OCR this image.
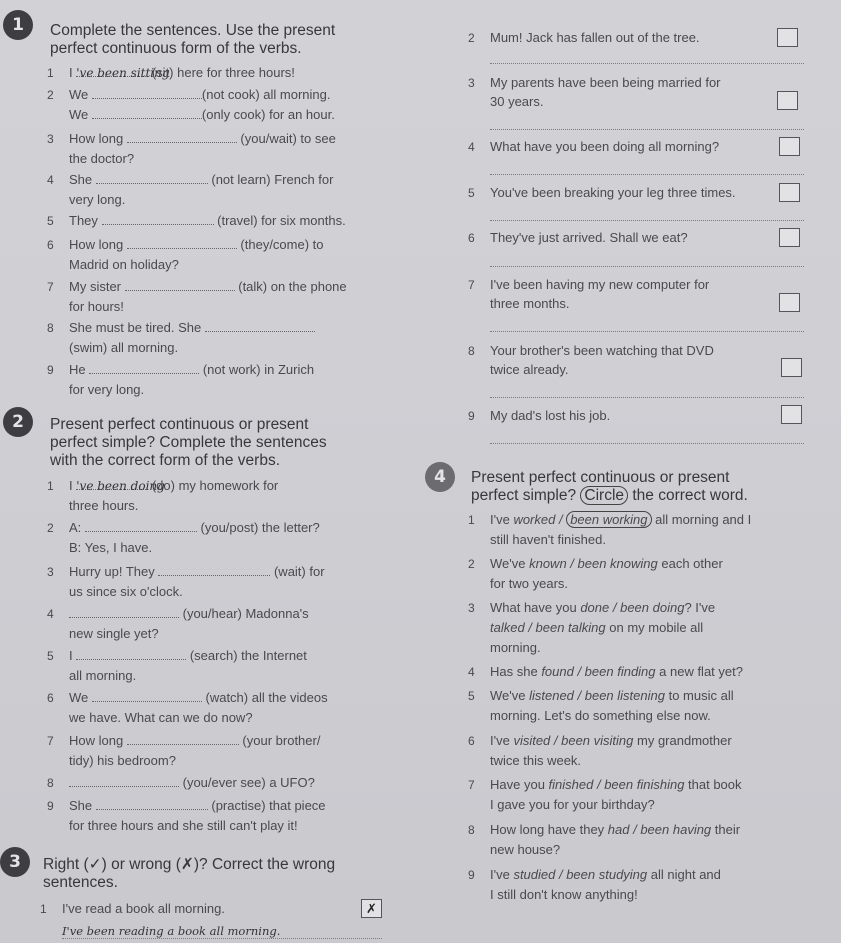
1	Complete the sentences. Use the present
perfect continuous form of the verbs.
1 I 've been sitting (sit) here for three hours!
2 We	(not cook) all morning.
We	(only cook) for an hour.
3 How long	(you/wait) to see
the doctor?
4 She	(not learn) French for
very long.
5 They	(travel) for six months.
6 How long	(they/come) to
Madrid on holiday?
7 My sister	(talk) on the phone
for hours!
8 She must be tired. She
(swim) all morning.
9 He	(not work) in Zurich
for very long.
2	Present perfect continuous or present
perfect simple? Complete the sentences
with the correct form of the verbs.
1 I 've been doing (do) my homework for
three hours.
2 A:	(you/post) the letter?
B: Yes, I have.
3 Hurry up! They	(wait) for
us since six o'clock.
4	(you/hear) Madonna's
new single yet?
5 I	(search) the Internet
all morning.
6 We	(watch) all the videos
we have. What can we do now?
7 How long	(your brother/
tidy) his bedroom?
8	(you/ever see) a UFO?
9 She	(practise) that piece
for three hours and she still can't play it!
3	Right (✓) or wrong (✗)? Correct the wrong
sentences.
1 I've read a book all morning.
I've been reading a book all morning.
✗
2 Mum! Jack has fallen out of the tree.
3 My parents have been being married for
30 years.
4 What have you been doing all morning?
5 You've been breaking your leg three times.
6 They've just arrived. Shall we eat?
7 I've been having my new computer for
three months.
8 Your brother's been watching that DVD
twice already.
9 My dad's lost his job.
4	Present perfect continuous or present
perfect simple? Circle the correct word.
1 I've worked / been working all morning and I
still haven't finished.
2 We've known / been knowing each other
for two years.
3 What have you done / been doing? I've
talked / been talking on my mobile all
morning.
4 Has she found / been finding a new flat yet?
5 We've listened / been listening to music all
morning. Let's do something else now.
6 I've visited / been visiting my grandmother
twice this week.
7 Have you finished / been finishing that book
I gave you for your birthday?
8 How long have they had / been having their
new house?
9 I've studied / been studying all night and
I still don't know anything!
